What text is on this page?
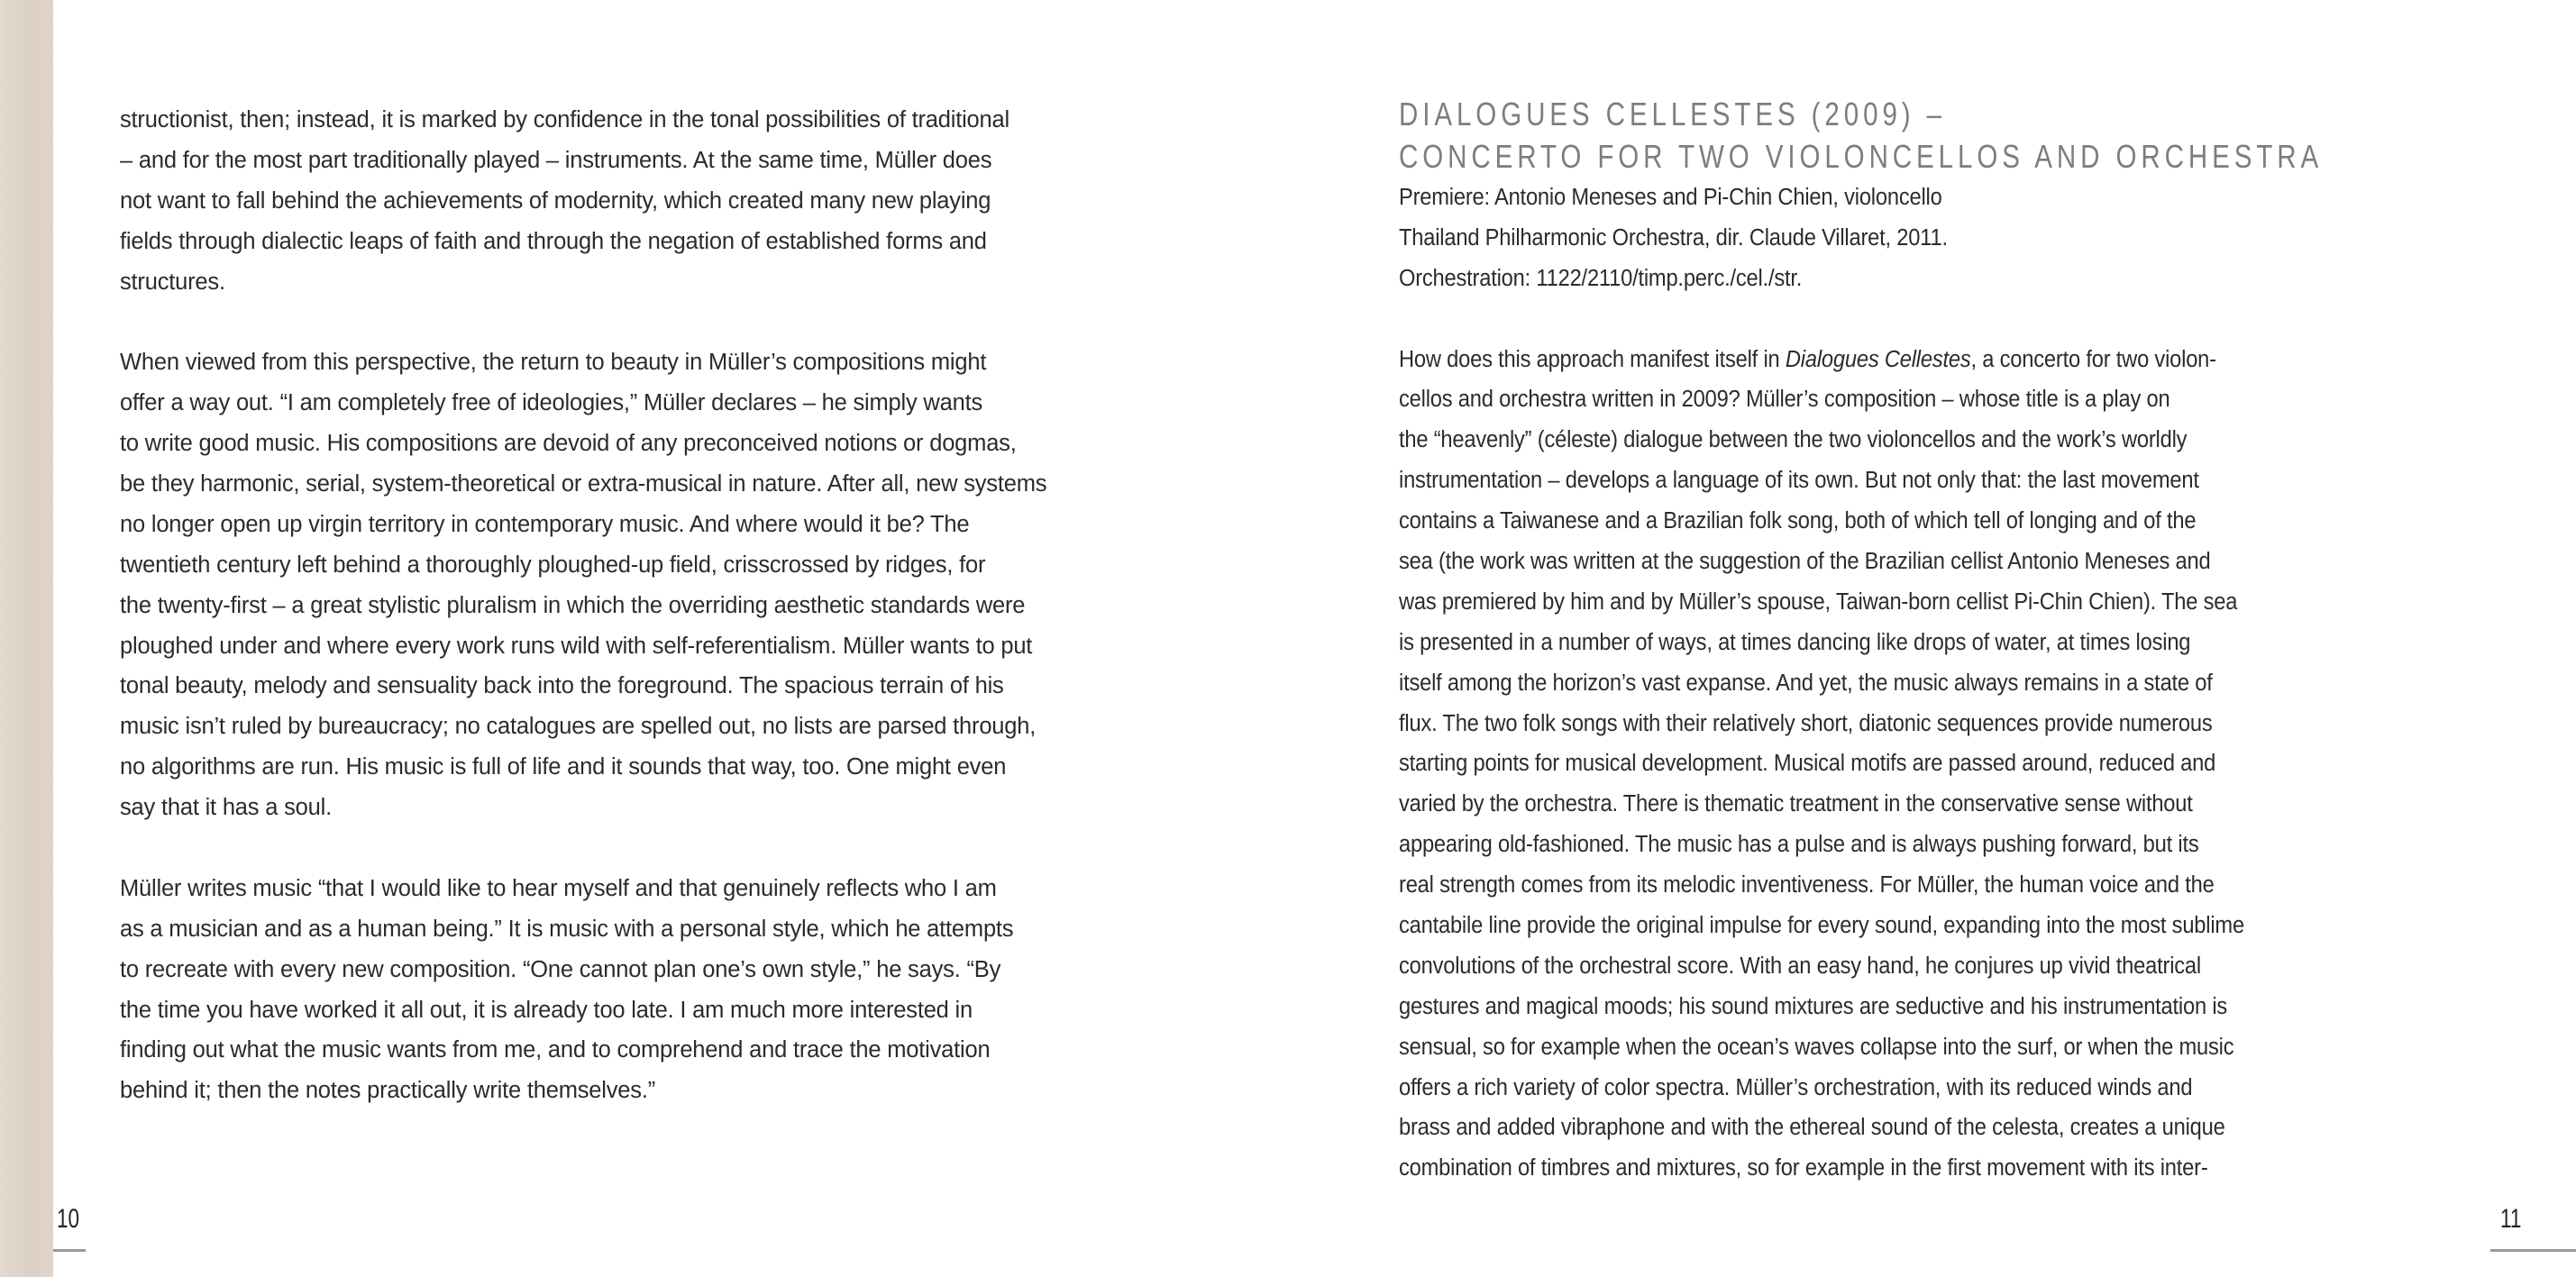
structionist, then; instead, it is marked by confidence in the tonal possibilities of traditional
– and for the most part traditionally played – instruments. At the same time, Müller does
not want to fall behind the achievements of modernity, which created many new playing
fields through dialectic leaps of faith and through the negation of established forms and
structures.
When viewed from this perspective, the return to beauty in Müller’s compositions might
offer a way out. “I am completely free of ideologies,” Müller declares – he simply wants
to write good music. His compositions are devoid of any preconceived notions or dogmas,
be they harmonic, serial, system-theoretical or extra-musical in nature. After all, new systems
no longer open up virgin territory in contemporary music. And where would it be? The
twentieth century left behind a thoroughly ploughed-up field, crisscrossed by ridges, for
the twenty-first – a great stylistic pluralism in which the overriding aesthetic standards were
ploughed under and where every work runs wild with self-referentialism. Müller wants to put
tonal beauty, melody and sensuality back into the foreground. The spacious terrain of his
music isn’t ruled by bureaucracy; no catalogues are spelled out, no lists are parsed through,
no algorithms are run. His music is full of life and it sounds that way, too. One might even
say that it has a soul.
Müller writes music “that I would like to hear myself and that genuinely reflects who I am
as a musician and as a human being.” It is music with a personal style, which he attempts
to recreate with every new composition. “One cannot plan one’s own style,” he says. “By
the time you have worked it all out, it is already too late. I am much more interested in
finding out what the music wants from me, and to comprehend and trace the motivation
behind it; then the notes practically write themselves.”
DIALOGUES CELLESTES (2009) –
CONCERTO FOR TWO VIOLONCELLOS AND ORCHESTRA
Premiere: Antonio Meneses and Pi-Chin Chien, violoncello
Thailand Philharmonic Orchestra, dir. Claude Villaret, 2011.
Orchestration: 1122/2110/timp.perc./cel./str.
How does this approach manifest itself in Dialogues Cellestes, a concerto for two violon-
cellos and orchestra written in 2009? Müller’s composition – whose title is a play on
the “heavenly” (céleste) dialogue between the two violoncellos and the work’s worldly
instrumentation – develops a language of its own. But not only that: the last movement
contains a Taiwanese and a Brazilian folk song, both of which tell of longing and of the
sea (the work was written at the suggestion of the Brazilian cellist Antonio Meneses and
was premiered by him and by Müller’s spouse, Taiwan-born cellist Pi-Chin Chien). The sea
is presented in a number of ways, at times dancing like drops of water, at times losing
itself among the horizon’s vast expanse. And yet, the music always remains in a state of
flux. The two folk songs with their relatively short, diatonic sequences provide numerous
starting points for musical development. Musical motifs are passed around, reduced and
varied by the orchestra. There is thematic treatment in the conservative sense without
appearing old-fashioned. The music has a pulse and is always pushing forward, but its
real strength comes from its melodic inventiveness. For Müller, the human voice and the
cantabile line provide the original impulse for every sound, expanding into the most sublime
convolutions of the orchestral score. With an easy hand, he conjures up vivid theatrical
gestures and magical moods; his sound mixtures are seductive and his instrumentation is
sensual, so for example when the ocean’s waves collapse into the surf, or when the music
offers a rich variety of color spectra. Müller’s orchestration, with its reduced winds and
brass and added vibraphone and with the ethereal sound of the celesta, creates a unique
combination of timbres and mixtures, so for example in the first movement with its inter-
10	11
